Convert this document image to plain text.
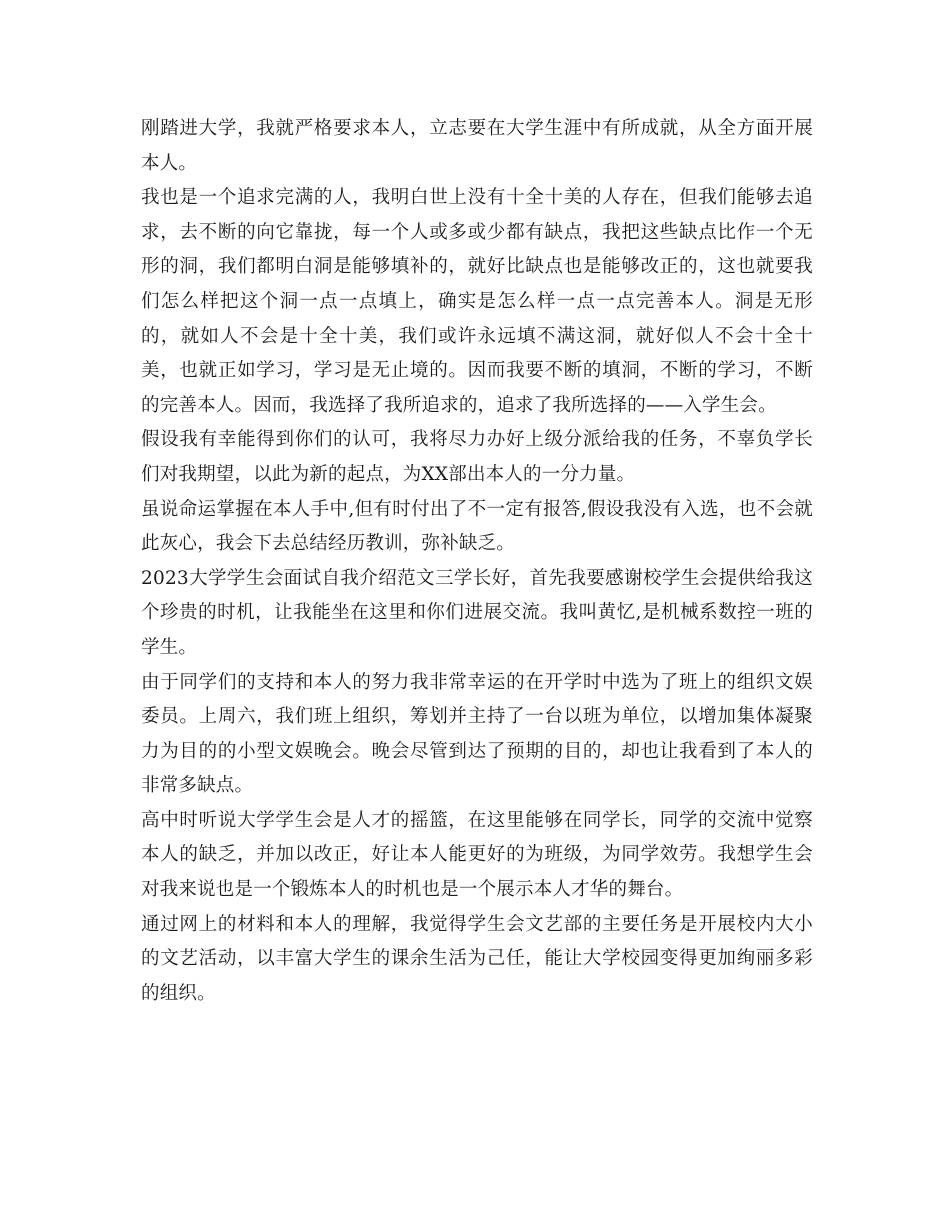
刚踏进大学，我就严格要求本人，立志要在大学生涯中有所成就，从全方面开展本人。

我也是一个追求完满的人，我明白世上没有十全十美的人存在，但我们能够去追求，去不断的向它靠拢，每一个人或多或少都有缺点，我把这些缺点比作一个无形的洞，我们都明白洞是能够填补的，就好比缺点也是能够改正的，这也就要我们怎么样把这个洞一点一点填上，确实是怎么样一点一点完善本人。洞是无形的，就如人不会是十全十美，我们或许永远填不满这洞，就好似人不会十全十美，也就正如学习，学习是无止境的。因而我要不断的填洞，不断的学习，不断的完善本人。因而，我选择了我所追求的，追求了我所选择的——入学生会。

假设我有幸能得到你们的认可，我将尽力办好上级分派给我的任务，不辜负学长们对我期望，以此为新的起点，为XX部出本人的一分力量。

虽说命运掌握在本人手中,但有时付出了不一定有报答,假设我没有入选，也不会就此灰心，我会下去总结经历教训，弥补缺乏。

2023大学学生会面试自我介绍范文三学长好，首先我要感谢校学生会提供给我这个珍贵的时机，让我能坐在这里和你们进展交流。我叫黄忆,是机械系数控一班的学生。

由于同学们的支持和本人的努力我非常幸运的在开学时中选为了班上的组织文娱委员。上周六，我们班上组织，筹划并主持了一台以班为单位，以增加集体凝聚力为目的的小型文娱晚会。晚会尽管到达了预期的目的，却也让我看到了本人的非常多缺点。

高中时听说大学学生会是人才的摇篮，在这里能够在同学长，同学的交流中觉察本人的缺乏，并加以改正，好让本人能更好的为班级，为同学效劳。我想学生会对我来说也是一个锻炼本人的时机也是一个展示本人才华的舞台。

通过网上的材料和本人的理解，我觉得学生会文艺部的主要任务是开展校内大小的文艺活动，以丰富大学生的课余生活为己任，能让大学校园变得更加绚丽多彩的组织。
